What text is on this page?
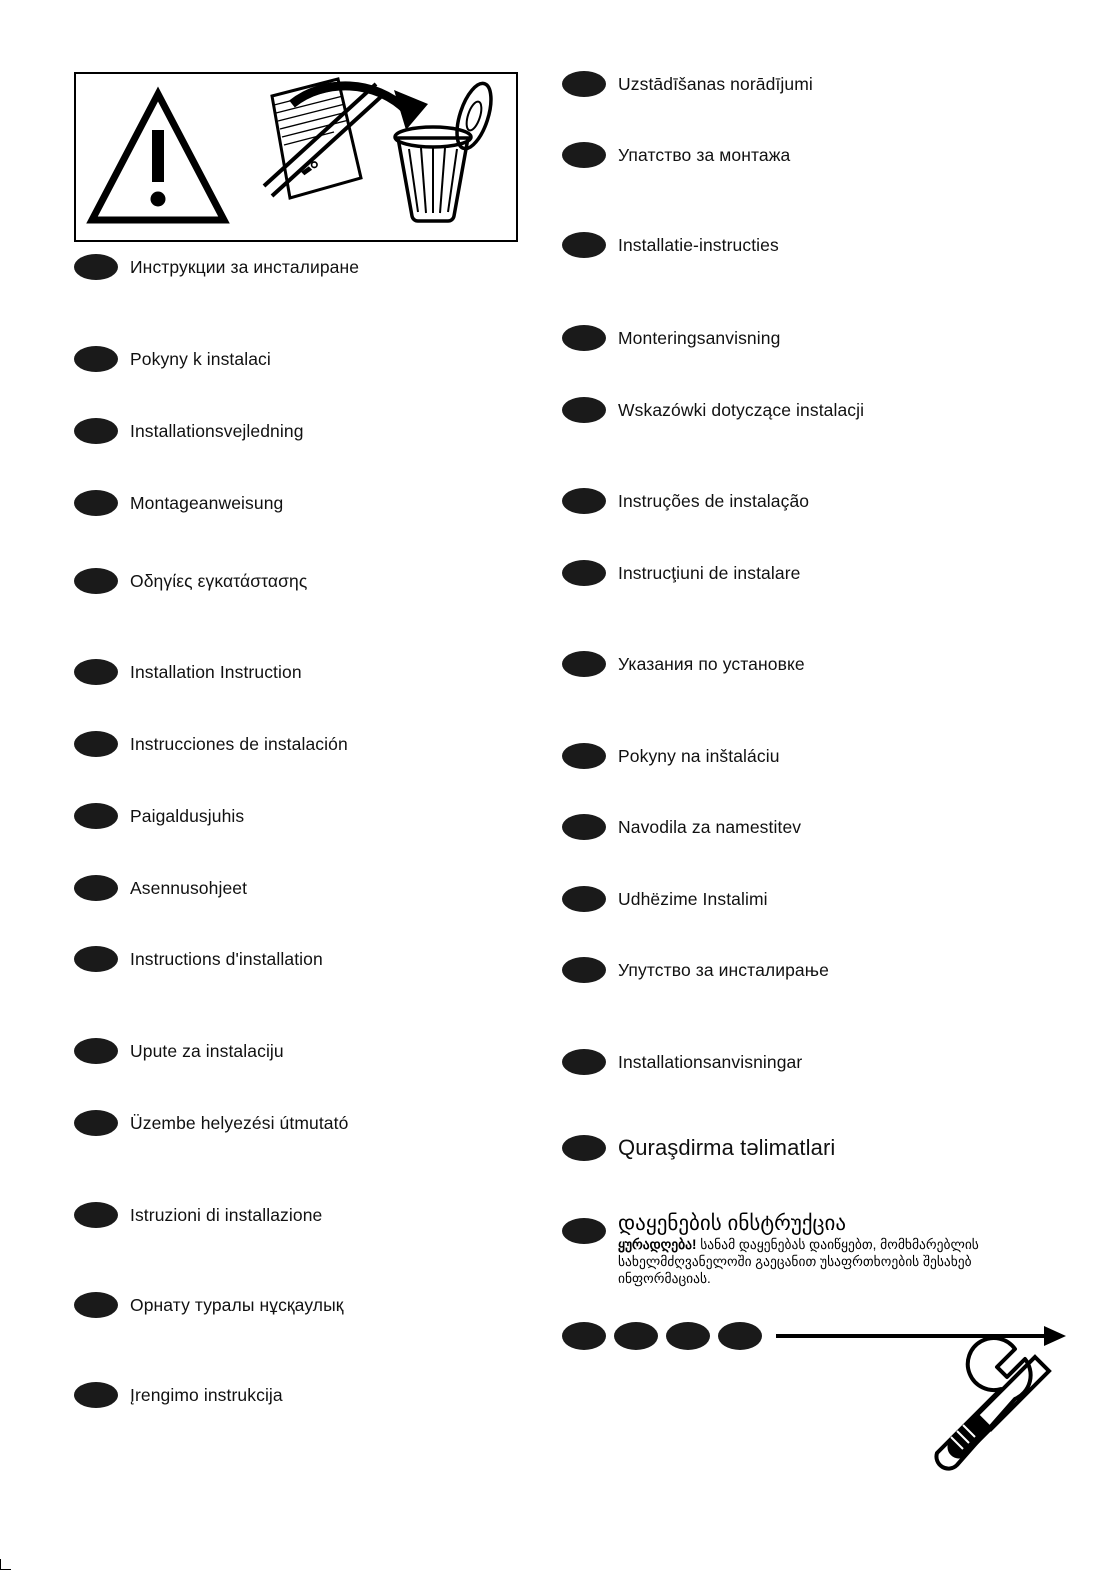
Инструкции за инсталиране
Pokyny k instalaci
Installationsvejledning
Montageanweisung
Οδηγίες εγκατάστασης
Installation Instruction
Instrucciones de instalación
Paigaldusjuhis
Asennusohjeet
Instructions d'installation
Upute za instalaciju
Üzembe helyezési útmutató
Istruzioni di installazione
Орнату туралы нұсқаулық
Įrengimo instrukcija
Uzstādīšanas norādījumi
Упатство за монтажа
Installatie-instructies
Monteringsanvisning
Wskazówki dotyczące instalacji
Instruções de instalação
Instrucţiuni de instalare
Указания по установке
Pokyny na inštaláciu
Navodila za namestitev
Udhëzime Instalimi
Упутство за инсталирање
Installationsanvisningar
Quraşdirma təlimatlari
დაყენების ინსტრუქცია
ყურადღება! სანამ დაყენებას დაიწყებთ, მომხმარებლის სახელმძღვანელოში გაეცანით უსაფრთხოების შესახებ ინფორმაციას.
